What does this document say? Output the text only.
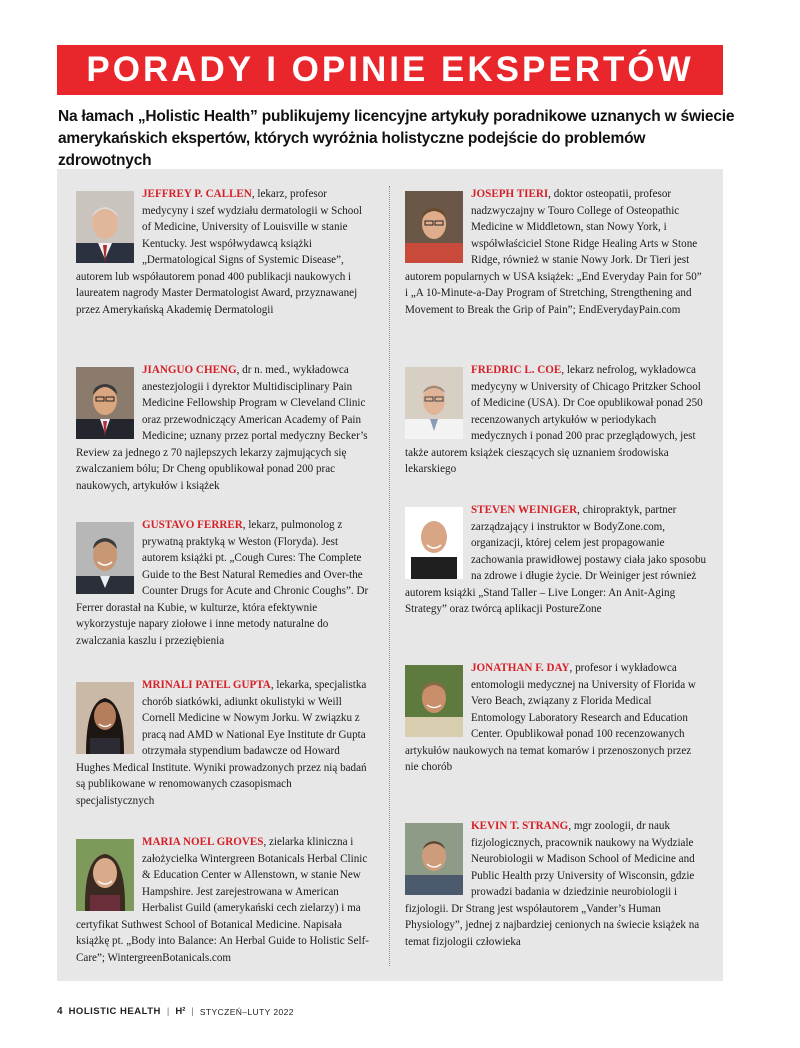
PORADY I OPINIE EKSPERTÓW
Na łamach „Holistic Health” publikujemy licencyjne artykuły poradnikowe uznanych w świecie amerykańskich ekspertów, których wyróżnia holistyczne podejście do problemów zdrowotnych
JEFFREY P. CALLEN, lekarz, profesor medycyny i szef wydziału dermatologii w School of Medicine, University of Louisville w stanie Kentucky. Jest współwydawcą książki „Dermatological Signs of Systemic Disease”, autorem lub współautorem ponad 400 publikacji naukowych i laureatem nagrody Master Dermatologist Award, przyznawanej przez Amerykańską Akademię Dermatologii
JIANGUO CHENG, dr n. med., wykładowca anestezjologii i dyrektor Multidisciplinary Pain Medicine Fellowship Program w Cleveland Clinic oraz przewodniczący American Academy of Pain Medicine; uznany przez portal medyczny Becker’s Review za jednego z 70 najlepszych lekarzy zajmujących się zwalczaniem bólu; Dr Cheng opublikował ponad 200 prac naukowych, artykułów i książek
GUSTAVO FERRER, lekarz, pulmonolog z prywatną praktyką w Weston (Floryda). Jest autorem książki pt. „Cough Cures: The Complete Guide to the Best Natural Remedies and Over-the Counter Drugs for Acute and Chronic Coughs”. Dr Ferrer dorastał na Kubie, w kulturze, która efektywnie wykorzystuje napary ziołowe i inne metody naturalne do zwalczania kaszlu i przeziębienia
MRINALI PATEL GUPTA, lekarka, specjalistka chorób siatkówki, adiunkt okulistyki w Weill Cornell Medicine w Nowym Jorku. W związku z pracą nad AMD w National Eye Institute dr Gupta otrzymała stypendium badawcze od Howard Hughes Medical Institute. Wyniki prowadzonych przez nią badań są publikowane w renomowanych czasopismach specjalistycznych
MARIA NOEL GROVES, zielarka kliniczna i założycielka Wintergreen Botanicals Herbal Clinic & Education Center w Allenstown, w stanie New Hampshire. Jest zarejestrowana w American Herbalist Guild (amerykański cech zielarzy) i ma certyfikat Suthwest School of Botanical Medicine. Napisała książkę pt. „Body into Balance: An Herbal Guide to Holistic Self-Care”; WintergreenBotanicals.com
JOSEPH TIERI, doktor osteopatii, profesor nadzwyczajny w Touro College of Osteopathic Medicine w Middletown, stan Nowy York, i współwłaściciel Stone Ridge Healing Arts w Stone Ridge, również w stanie Nowy Jork. Dr Tieri jest autorem popularnych w USA książek: „End Everyday Pain for 50” i „A 10-Minute-a-Day Program of Stretching, Strengthening and Movement to Break the Grip of Pain”; EndEverydayPain.com
FREDRIC L. COE, lekarz nefrolog, wykładowca medycyny w University of Chicago Pritzker School of Medicine (USA). Dr Coe opublikował ponad 250 recenzowanych artykułów w periodykach medycznych i ponad 200 prac przeglądowych, jest także autorem książek cieszących się uznaniem środowiska lekarskiego
STEVEN WEINIGER, chiropraktyk, partner zarządzający i instruktor w BodyZone.com, organizacji, której celem jest propagowanie zachowania prawidłowej postawy ciała jako sposobu na zdrowe i długie życie. Dr Weiniger jest również autorem książki „Stand Taller – Live Longer: An Anit-Aging Strategy” oraz twórcą aplikacji PostureZone
JONATHAN F. DAY, profesor i wykładowca entomologii medycznej na University of Florida w Vero Beach, związany z Florida Medical Entomology Laboratory Research and Education Center. Opublikował ponad 100 recenzowanych artykułów naukowych na temat komarów i przenoszonych przez nie chorób
KEVIN T. STRANG, mgr zoologii, dr nauk fizjologicznych, pracownik naukowy na Wydziale Neurobiologii w Madison School of Medicine and Public Health przy University of Wisconsin, gdzie prowadzi badania w dziedzinie neurobiologii i fizjologii. Dr Strang jest współautorem „Vander’s Human Physiology”, jednej z najbardziej cenionych na świecie książek na temat fizjologii człowieka
4 HOLISTIC HEALTH | H² | STYCZEŃ–LUTY 2022
